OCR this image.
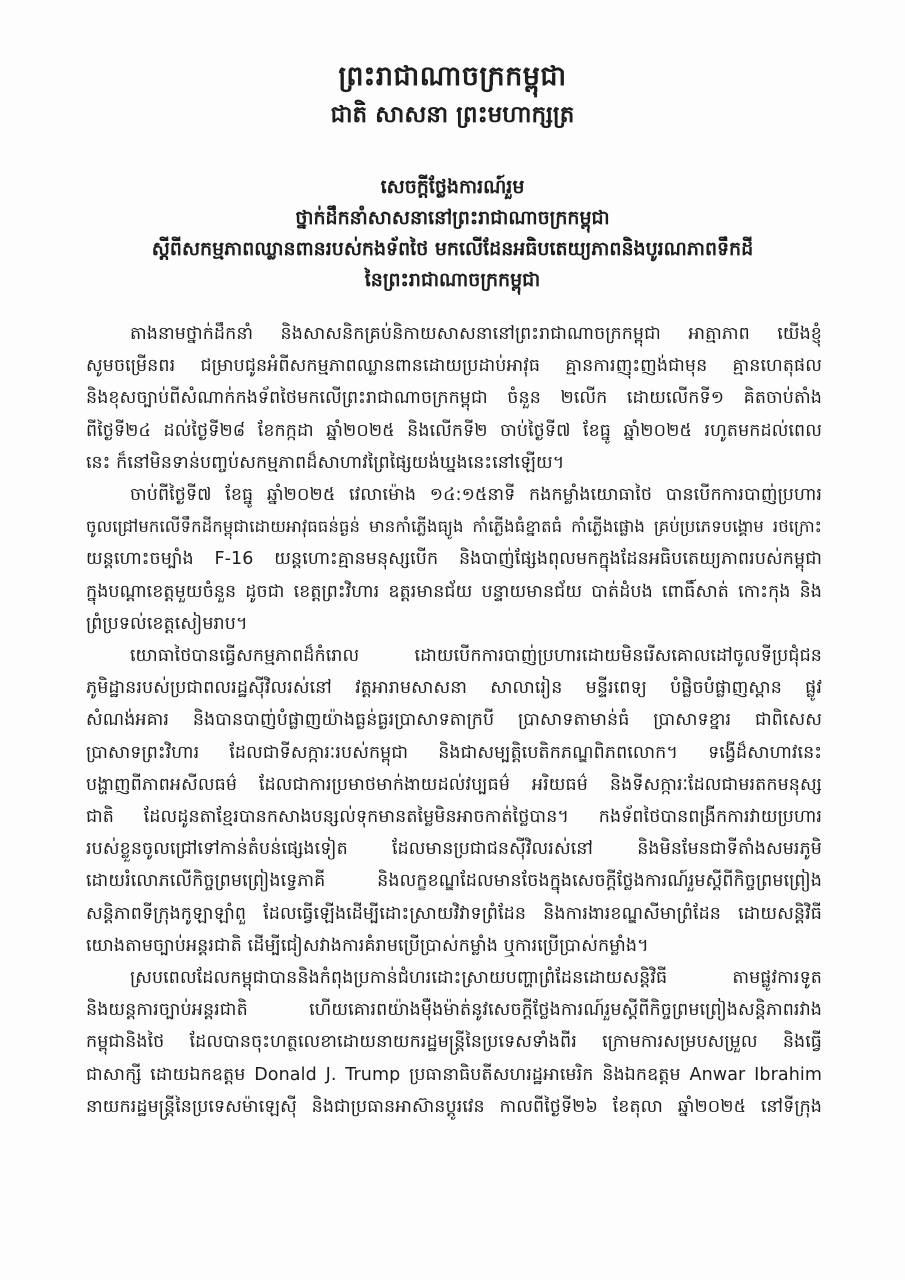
ព្រះរាជាណាចក្រកម្ពុជា
ជាតិ សាសនា ព្រះមហាក្សត្រ
សេចក្តីថ្លែងការណ៍រួម
ថ្នាក់ដឹកនាំសាសនានៅព្រះរាជាណាចក្រកម្ពុជា
ស្តីពីសកម្មភាពឈ្លានពានរបស់កងទ័ពថៃ មកលើដែនអធិបតេយ្យភាពនិងបូរណភាពទឹកដី
នៃព្រះរាជាណាចក្រកម្ពុជា
តាងនាមថ្នាក់ដឹកនាំ និងសាសនិកគ្រប់និកាយសាសនានៅព្រះរាជាណាចក្រកម្ពុជា អាត្មាភាព យើងខ្ញុំ
សូមចម្រើនពរ ជម្រាបជូនអំពីសកម្មភាពឈ្លានពានដោយប្រដាប់អាវុធ គ្មានការញុះញង់ជាមុន គ្មានហេតុផល
និងខុសច្បាប់ពីសំណាក់កងទ័ពថៃមកលើព្រះរាជាណាចក្រកម្ពុជា ចំនួន ២លើក ដោយលើកទី១ គិតចាប់តាំង
ពីថ្ងៃទី២៤ ដល់ថ្ងៃទី២៨ ខែកក្កដា ឆ្នាំ២០២៥ និងលើកទី២ ចាប់ថ្ងៃទី៧ ខែធ្នូ ឆ្នាំ២០២៥ រហូតមកដល់ពេល
នេះ ក៏នៅមិនទាន់បញ្ចប់សកម្មភាពដ៏សាហាវព្រៃផ្សៃយង់ឃ្នងនេះនៅឡើយ។
ចាប់ពីថ្ងៃទី៧ ខែធ្នូ ឆ្នាំ២០២៥ វេលាម៉ោង ១៤:១៥នាទី កងកម្លាំងយោធាថៃ បានបើកការបាញ់ប្រហារ
ចូលជ្រៅមកលើទឹកដីកម្ពុជាដោយអាវុធធន់ធ្ងន់ មានកាំភ្លើងធ្យូង កាំភ្លើងធំខ្នាតធំ កាំភ្លើងផ្លោង គ្រប់ប្រភេទបង្គោម រថក្រោះ
យន្តហោះចម្បាំង F-16 យន្តហោះគ្មានមនុស្សបើក និងបាញ់ផ្សែងពុលមកក្នុងដែនអធិបតេយ្យភាពរបស់កម្ពុជា
ក្នុងបណ្តាខេត្តមួយចំនួន ដូចជា ខេត្តព្រះវិហារ ឧត្តរមានជ័យ បន្ទាយមានជ័យ បាត់ដំបង ពោធិ៍សាត់ កោះកុង និង
ព្រំប្រទល់ខេត្តសៀមរាប។
យោធាថៃបានធ្វើសកម្មភាពដ៏កំរោល ដោយបើកការបាញ់ប្រហារដោយមិនរើសគោលដៅចូលទីប្រជុំជន
ភូមិដ្ឋានរបស់ប្រជាពលរដ្ឋស៊ីវិលរស់នៅ វត្តអារាមសាសនា សាលារៀន មន្ទីរពេទ្យ បំផ្លិចបំផ្លាញស្ពាន ផ្លូវ
សំណង់អគារ និងបានបាញ់បំផ្លាញយ៉ាងធ្ងន់ធ្ងរប្រាសាទតាក្របី ប្រាសាទតាមាន់ធំ ប្រាសាទខ្នារ ជាពិសេស
ប្រាសាទព្រះវិហារ ដែលជាទីសក្ការៈរបស់កម្ពុជា និងជាសម្បត្តិបេតិកភណ្ឌពិភពលោក។ ទង្វើដ៏សាហាវនេះ
បង្ហាញពីភាពអសីលធម៌ ដែលជាការប្រមាថមាក់ងាយដល់វប្បធម៌ អរិយធម៌ និងទីសក្ការៈដែលជាមរតកមនុស្ស
ជាតិ ដែលដូនតាខ្មែរបានកសាងបន្សល់ទុកមានតម្លៃមិនអាចកាត់ថ្លៃបាន។ កងទ័ពថៃបានពង្រីកការវាយប្រហារ
របស់ខ្លួនចូលជ្រៅទៅកាន់តំបន់ផ្សេងទៀត ដែលមានប្រជាជនស៊ីវិលរស់នៅ និងមិនមែនជាទីតាំងសមរភូមិ
ដោយរំលោភលើកិច្ចព្រមព្រៀងទ្វេភាគី និងលក្ខខណ្ឌដែលមានចែងក្នុងសេចក្តីថ្លែងការណ៍រួមស្តីពីកិច្ចព្រមព្រៀង
សន្តិភាពទីក្រុងកូឡាឡាំពួ ដែលធ្វើឡើងដើម្បីដោះស្រាយវិវាទព្រំដែន និងការងារខណ្ឌសីមាព្រំដែន ដោយសន្តិវិធី
យោងតាមច្បាប់អន្តរជាតិ ដើម្បីជៀសវាងការគំរាមប្រើប្រាស់កម្លាំង ឬការប្រើប្រាស់កម្លាំង។
ស្របពេលដែលកម្ពុជាបាននិងកំពុងប្រកាន់ជំហរដោះស្រាយបញ្ហាព្រំដែនដោយសន្តិវិធី តាមផ្លូវការទូត
និងយន្តការច្បាប់អន្តរជាតិ ហើយគោរពយ៉ាងម៉ឺងម៉ាត់នូវសេចក្តីថ្លែងការណ៍រួមស្តីពីកិច្ចព្រមព្រៀងសន្តិភាពរវាង
កម្ពុជានិងថៃ ដែលបានចុះហត្ថលេខាដោយនាយករដ្ឋមន្ត្រីនៃប្រទេសទាំងពីរ ក្រោមការសម្របសម្រួល និងធ្វើ
ជាសាក្សី ដោយឯកឧត្តម Donald J. Trump ប្រធានាធិបតីសហរដ្ឋអាមេរិក និងឯកឧត្តម Anwar Ibrahim
នាយករដ្ឋមន្ត្រីនៃប្រទេសម៉ាឡេស៊ី និងជាប្រធានអាស៊ានប្តូរវេន កាលពីថ្ងៃទី២៦ ខែតុលា ឆ្នាំ២០២៥ នៅទីក្រុង
